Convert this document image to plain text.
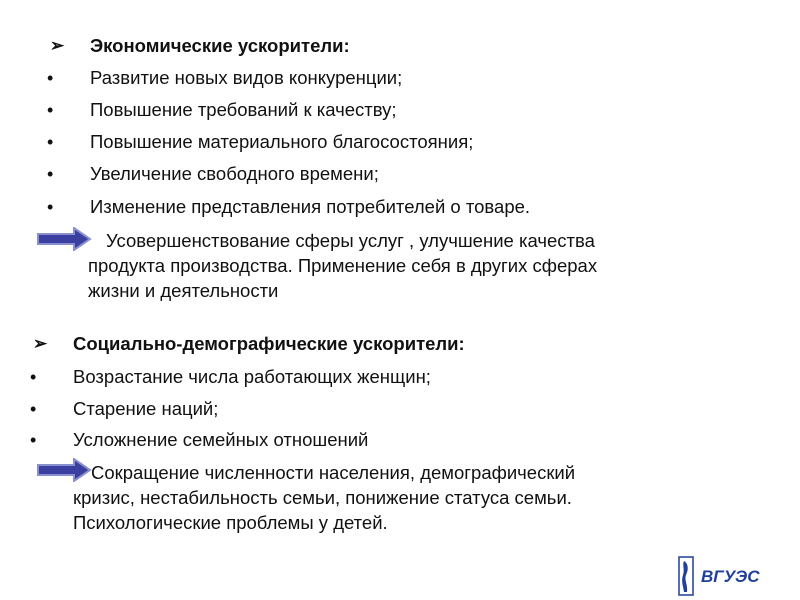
➢ Экономические ускорители:
• Развитие новых видов конкуренции;
• Повышение требований к качеству;
• Повышение материального благосостояния;
• Увеличение свободного времени;
• Изменение представления потребителей о товаре.
Усовершенствование сферы услуг , улучшение качества
продукта производства. Применение себя в других сферах
жизни и деятельности
➢ Социально-демографические ускорители:
• Возрастание числа работающих женщин;
• Старение наций;
• Усложнение семейных отношений
Сокращение численности населения, демографический
кризис, нестабильность семьи, понижение статуса семьи.
Психологические проблемы у детей.
ВГУЭС
